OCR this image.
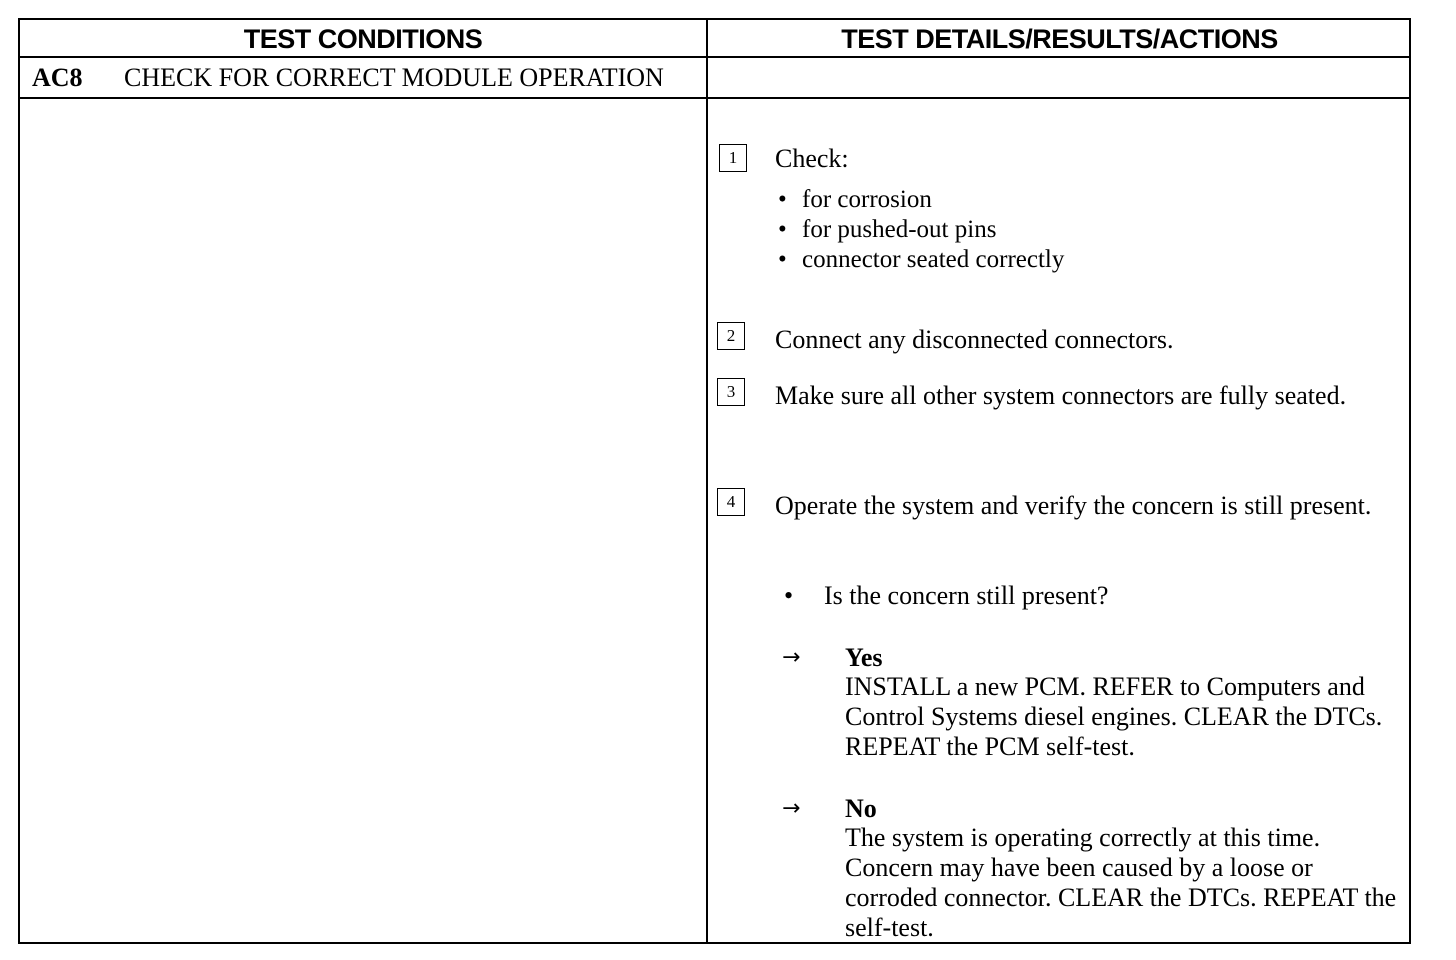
TEST CONDITIONS	TEST DETAILS/RESULTS/ACTIONS
AC8 CHECK FOR CORRECT MODULE OPERATION
1	Check:
• for corrosion
• for pushed-out pins
• connector seated correctly
2	Connect any disconnected connectors.
3	Make sure all other system connectors are fully seated.
4	Operate the system and verify the concern is still present.
• Is the concern still present?
→ Yes
INSTALL a new PCM. REFER to Computers and Control Systems diesel engines. CLEAR the DTCs. REPEAT the PCM self-test.
→ No
The system is operating correctly at this time. Concern may have been caused by a loose or corroded connector. CLEAR the DTCs. REPEAT the self-test.
